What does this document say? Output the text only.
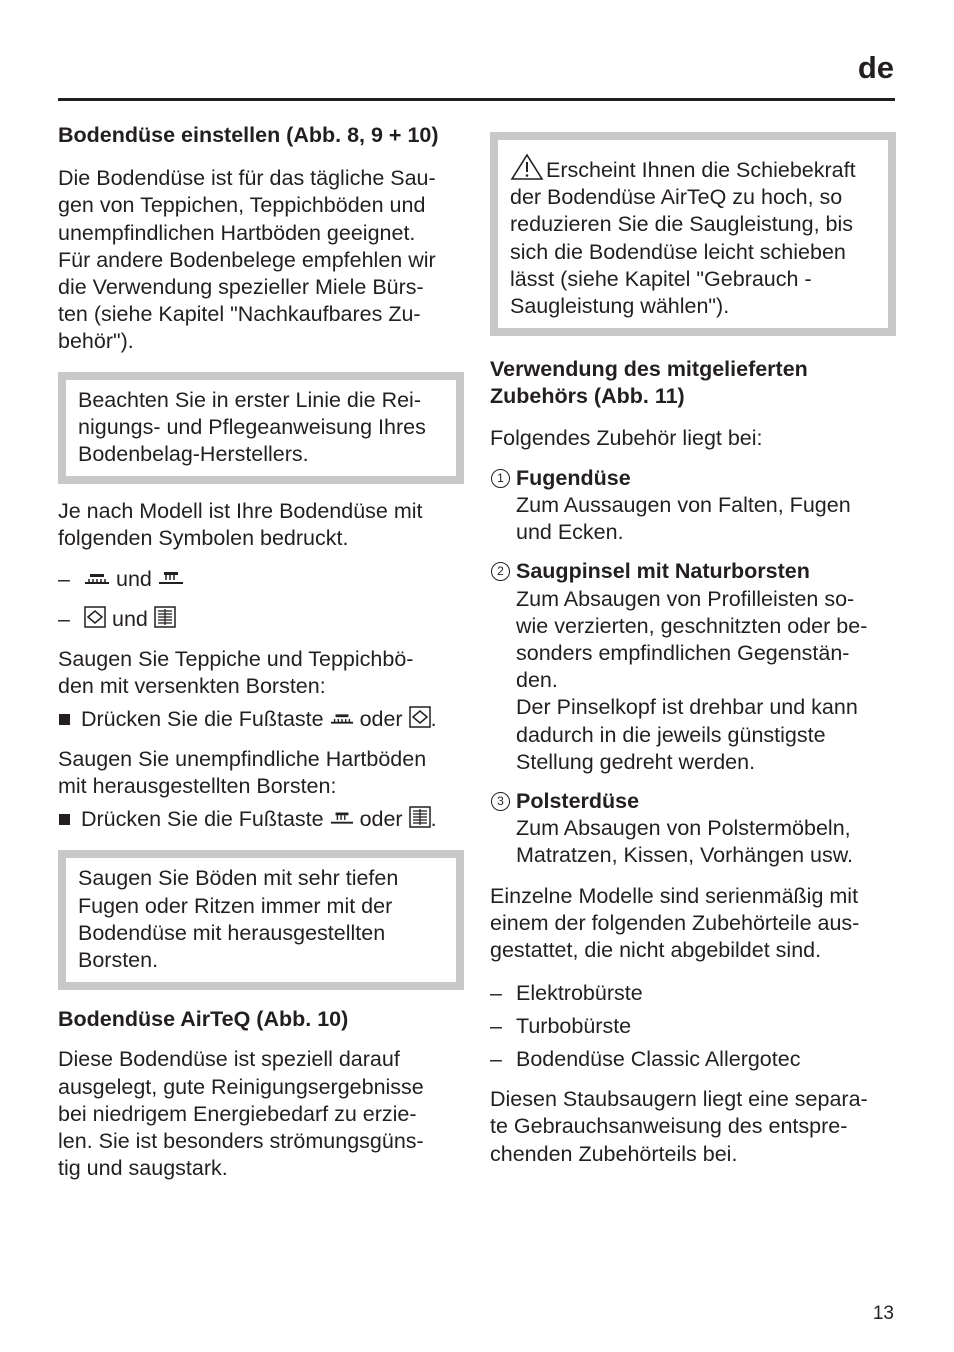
de

Bodendüse einstellen (Abb. 8, 9 + 10)

Die Bodendüse ist für das tägliche Sau-
gen von Teppichen, Teppichböden und
unempfindlichen Hartböden geeignet.
Für andere Bodenbelege empfehlen wir
die Verwendung spezieller Miele Bürs-
ten (siehe Kapitel "Nachkaufbares Zu-
behör").

Beachten Sie in erster Linie die Rei-
nigungs- und Pflegeanweisung Ihres
Bodenbelag-Herstellers.

Je nach Modell ist Ihre Bodendüse mit
folgenden Symbolen bedruckt.

–	und
–	und

Saugen Sie Teppiche und Teppichbö-
den mit versenkten Borsten:

Drücken Sie die Fußtaste oder .

Saugen Sie unempfindliche Hartböden
mit herausgestellten Borsten:

Drücken Sie die Fußtaste oder .
Saugen Sie Böden mit sehr tiefen
Fugen oder Ritzen immer mit der
Bodendüse mit herausgestellten
Borsten.

Bodendüse AirTeQ (Abb. 10)

Diese Bodendüse ist speziell darauf
ausgelegt, gute Reinigungsergebnisse
bei niedrigem Energiebedarf zu erzie-
len. Sie ist besonders strömungsgüns-
tig und saugstark.

Erscheint Ihnen die Schiebekraft
der Bodendüse AirTeQ zu hoch, so
reduzieren Sie die Saugleistung, bis
sich die Bodendüse leicht schieben
lässt (siehe Kapitel "Gebrauch -
Saugleistung wählen").

Verwendung des mitgelieferten
Zubehörs (Abb. 11)

Folgendes Zubehör liegt bei:

1 Fugendüse
Zum Aussaugen von Falten, Fugen
und Ecken.
2 Saugpinsel mit Naturborsten
Zum Absaugen von Profilleisten so-
wie verzierten, geschnitzten oder be-
sonders empfindlichen Gegenstän-
den.
Der Pinselkopf ist drehbar und kann
dadurch in die jeweils günstigste
Stellung gedreht werden.
3 Polsterdüse
Zum Absaugen von Polstermöbeln,
Matratzen, Kissen, Vorhängen usw.

Einzelne Modelle sind serienmäßig mit
einem der folgenden Zubehörteile aus-
gestattet, die nicht abgebildet sind.

– Elektrobürste
– Turbobürste
– Bodendüse Classic Allergotec

Diesen Staubsaugern liegt eine separa-
te Gebrauchsanweisung des entspre-
chenden Zubehörteils bei.

13
